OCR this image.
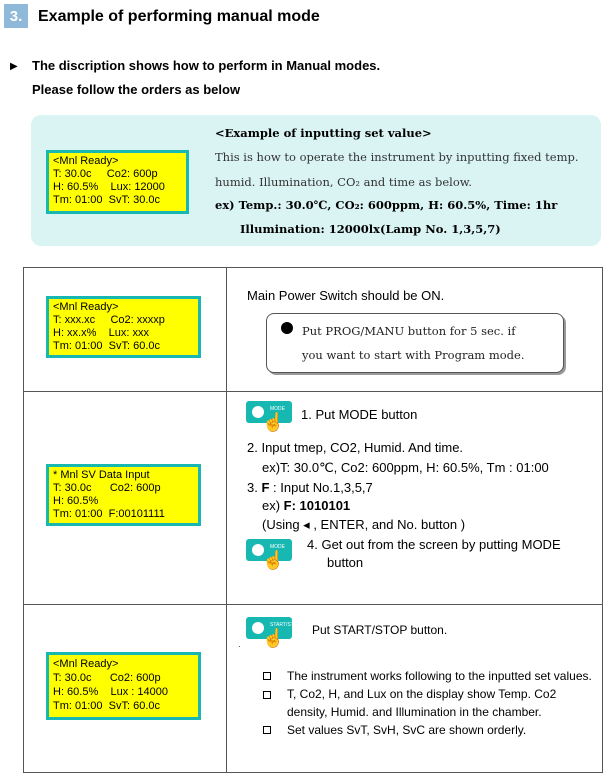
3. Example of performing manual mode
▶ The discription shows how to perform in Manual modes.
Please follow the orders as below
<Mnl Ready>
T: 30.0c     Co2: 600p
H: 60.5%    Lux: 12000
Tm: 01:00  SvT: 30.0c
<Example of inputting set value>
This is how to operate the instrument by inputting fixed temp.
humid. Illumination, CO₂ and time as below.
ex) Temp.: 30.0℃, CO₂: 600ppm, H: 60.5%, Time: 1hr
Illumination: 12000lx(Lamp No. 1,3,5,7)
<Mnl Ready>
T: xxx.xc     Co2: xxxxp
H: xx.x%    Lux: xxx
Tm: 01:00  SvT: 60.0c
Main Power Switch should be ON.
Put PROG/MANU button for 5 sec. if
you want to start with Program mode.
* Mnl SV Data Input
T: 30.0c      Co2: 600p
H: 60.5%
Tm: 01:00  F:00101111
MODE
☝ 1. Put MODE button
2. Input tmep, CO2, Humid. And time.
ex)T: 30.0℃, Co2: 600ppm, H: 60.5%, Tm : 01:00
3. F : Input No.1,3,5,7
ex) F: 1010101
(Using ◂ , ENTER, and No. button )
MODE
☝
4. Get out from the screen by putting MODE
button
<Mnl Ready>
T: 30.0c      Co2: 600p
H: 60.5%    Lux : 14000
Tm: 01:00  SvT: 60.0c
START/STOP
☝ Put START/STOP button.
·
The instrument works following to the inputted set values.
T, Co2, H, and Lux on the display show Temp. Co2
density, Humid. and Illumination in the chamber.
Set values SvT, SvH, SvC are shown orderly.
